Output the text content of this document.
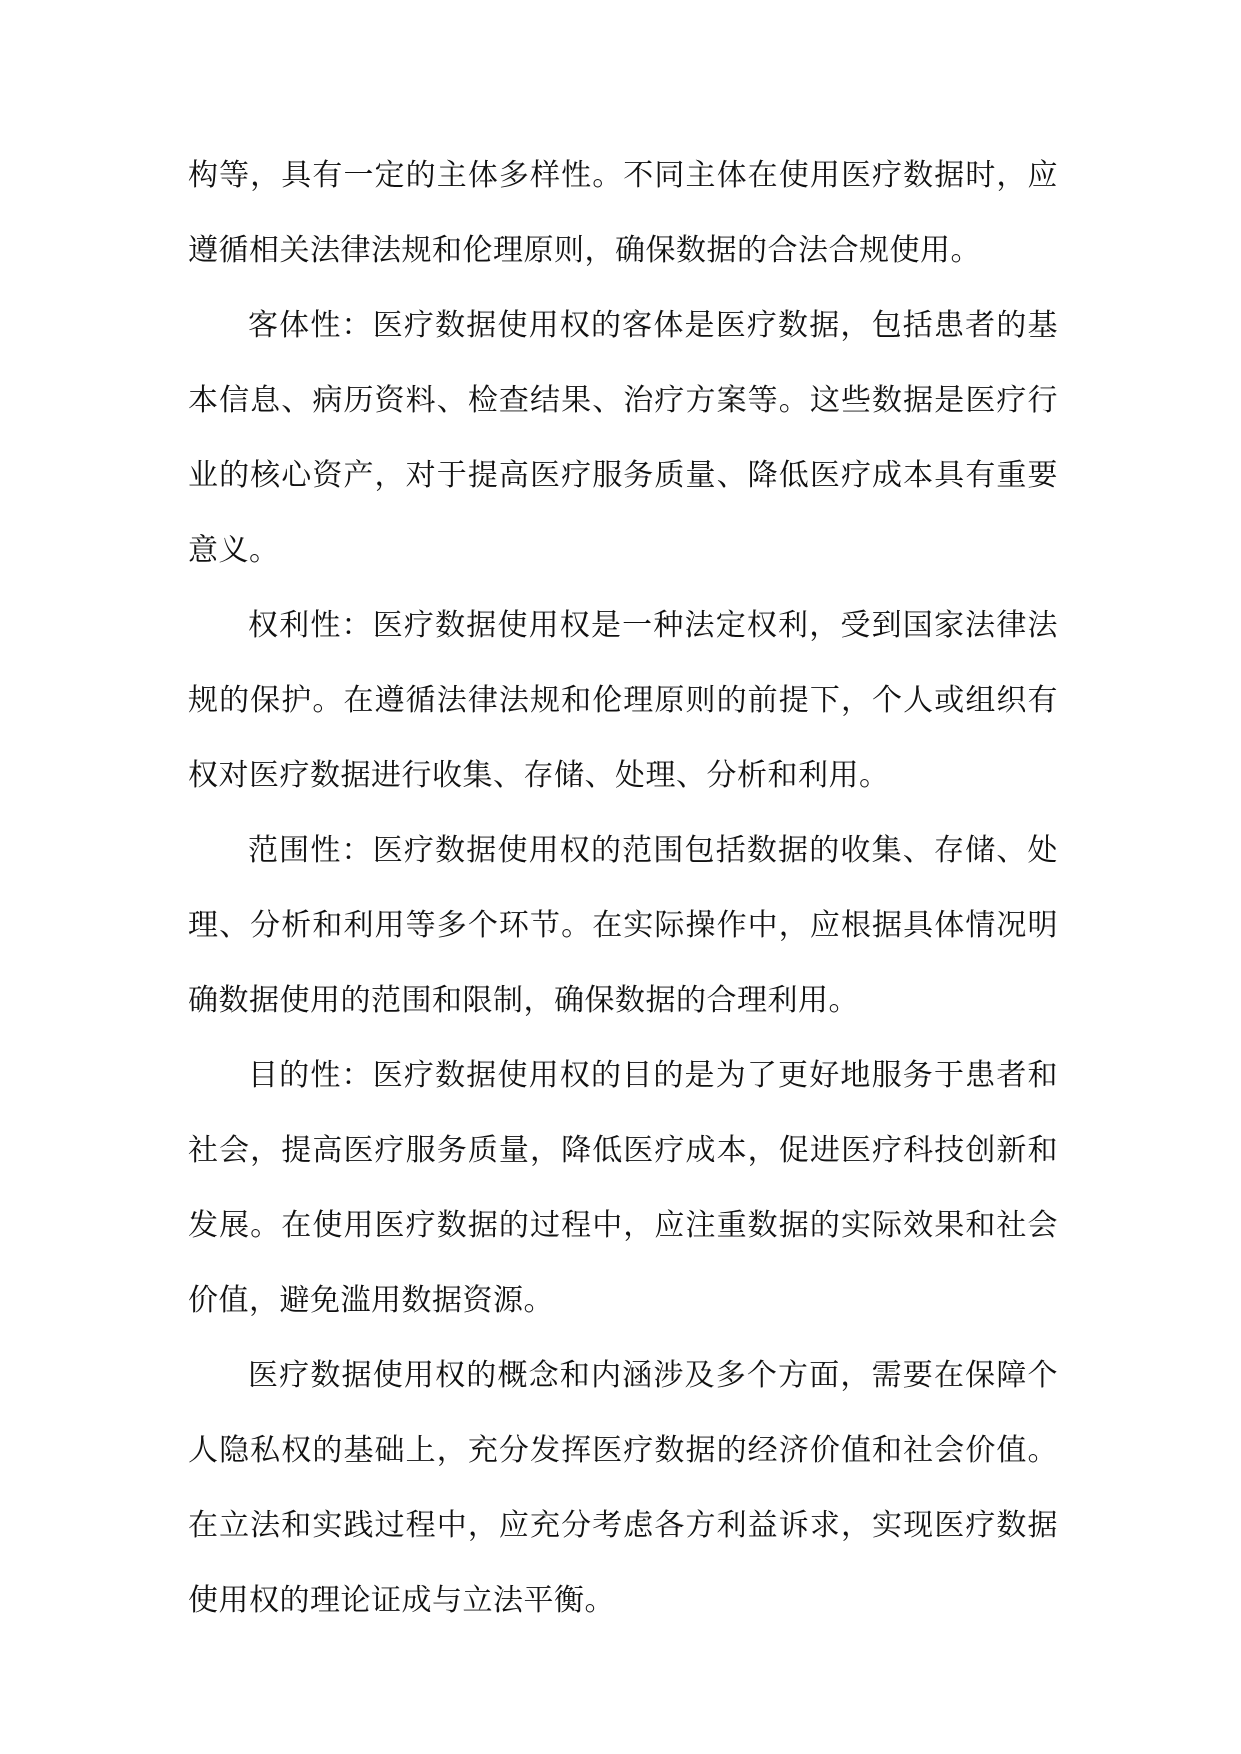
构等，具有一定的主体多样性。不同主体在使用医疗数据时，应遵循相关法律法规和伦理原则，确保数据的合法合规使用。

客体性：医疗数据使用权的客体是医疗数据，包括患者的基本信息、病历资料、检查结果、治疗方案等。这些数据是医疗行业的核心资产，对于提高医疗服务质量、降低医疗成本具有重要意义。

权利性：医疗数据使用权是一种法定权利，受到国家法律法规的保护。在遵循法律法规和伦理原则的前提下，个人或组织有权对医疗数据进行收集、存储、处理、分析和利用。

范围性：医疗数据使用权的范围包括数据的收集、存储、处理、分析和利用等多个环节。在实际操作中，应根据具体情况明确数据使用的范围和限制，确保数据的合理利用。

目的性：医疗数据使用权的目的是为了更好地服务于患者和社会，提高医疗服务质量，降低医疗成本，促进医疗科技创新和发展。在使用医疗数据的过程中，应注重数据的实际效果和社会价值，避免滥用数据资源。

医疗数据使用权的概念和内涵涉及多个方面，需要在保障个人隐私权的基础上，充分发挥医疗数据的经济价值和社会价值。在立法和实践过程中，应充分考虑各方利益诉求，实现医疗数据使用权的理论证成与立法平衡。
